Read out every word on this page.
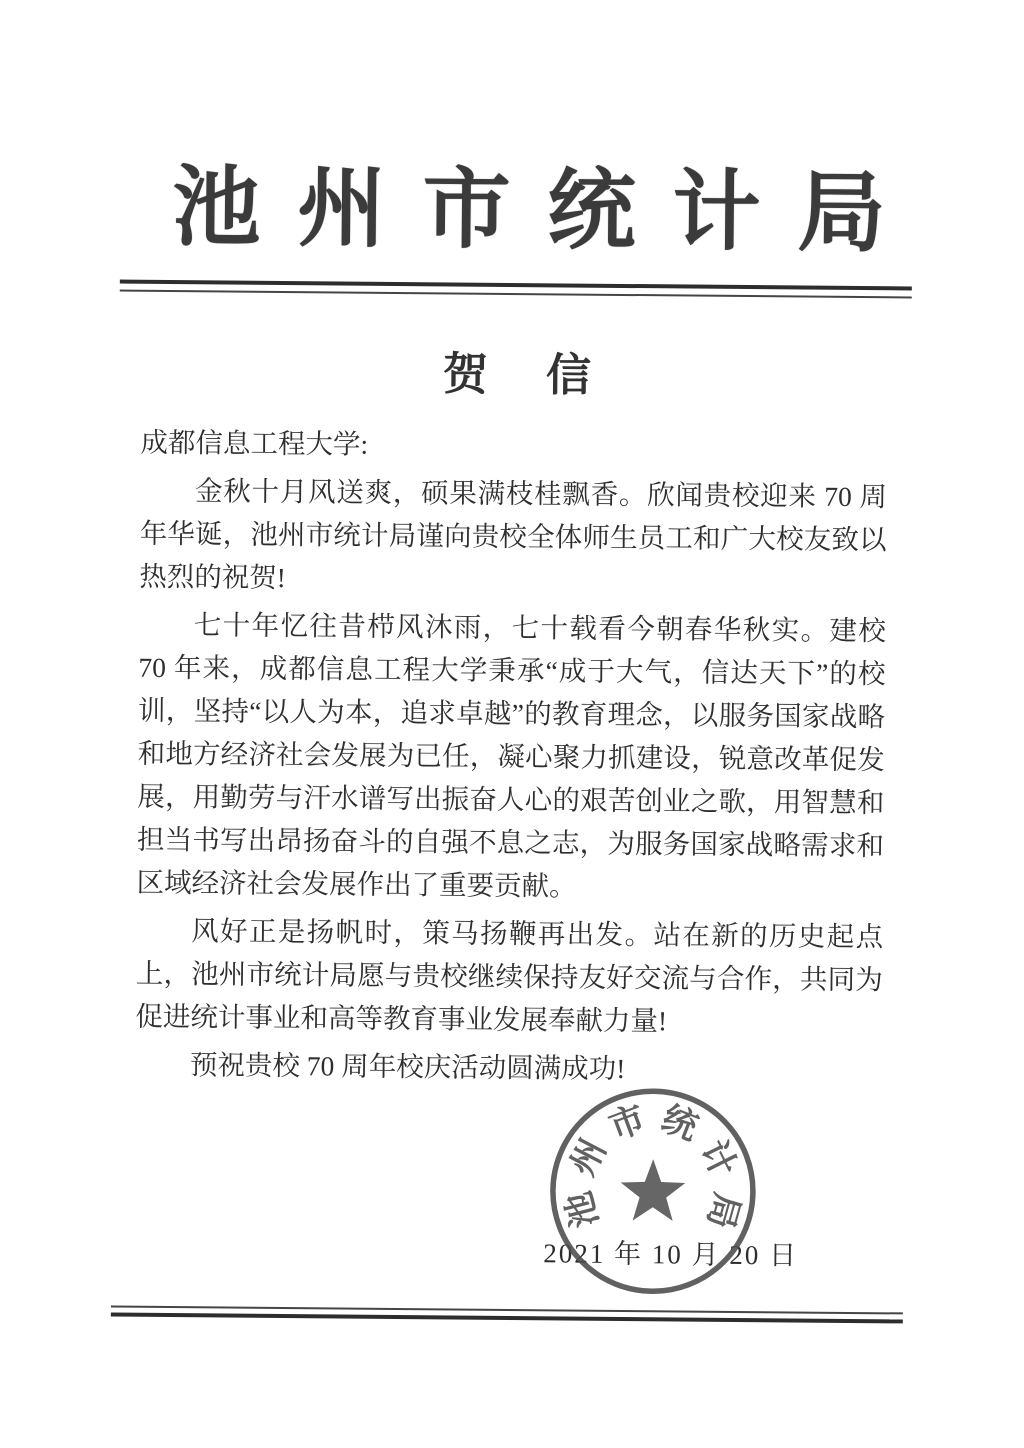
池州市统计局
贺信

成都信息工程大学:

金秋十月风送爽，硕果满枝桂飘香。欣闻贵校迎来 70 周年华诞，池州市统计局谨向贵校全体师生员工和广大校友致以热烈的祝贺!

七十年忆往昔栉风沐雨，七十载看今朝春华秋实。建校 70 年来，成都信息工程大学秉承“成于大气，信达天下”的校训，坚持“以人为本，追求卓越”的教育理念，以服务国家战略和地方经济社会发展为已任，凝心聚力抓建设，锐意改革促发展，用勤劳与汗水谱写出振奋人心的艰苦创业之歌，用智慧和担当书写出昂扬奋斗的自强不息之志，为服务国家战略需求和区域经济社会发展作出了重要贡献。

风好正是扬帆时，策马扬鞭再出发。站在新的历史起点上，池州市统计局愿与贵校继续保持友好交流与合作，共同为促进统计事业和高等教育事业发展奉献力量!

预祝贵校 70 周年校庆活动圆满成功!

2021 年 10 月 20 日
池
州
市 统
计
局
